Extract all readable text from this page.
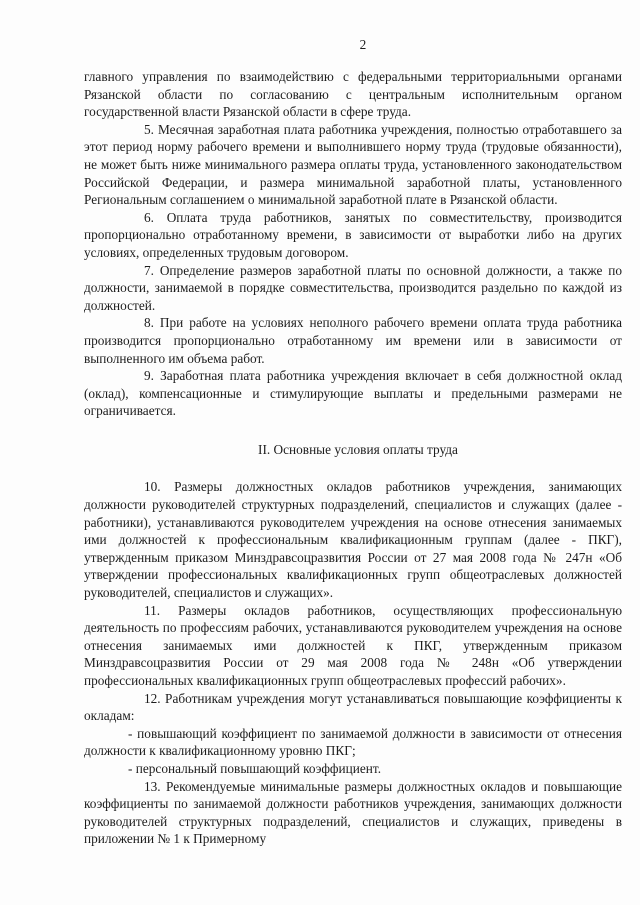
2

главного управления по взаимодействию с федеральными территориальными органами Рязанской области по согласованию с центральным исполнительным органом государственной власти Рязанской области в сфере труда.

5. Месячная заработная плата работника учреждения, полностью отработавшего за этот период норму рабочего времени и выполнившего норму труда (трудовые обязанности), не может быть ниже минимального размера оплаты труда, установленного законодательством Российской Федерации, и размера минимальной заработной платы, установленного Региональным соглашением о минимальной заработной плате в Рязанской области.

6. Оплата труда работников, занятых по совместительству, производится пропорционально отработанному времени, в зависимости от выработки либо на других условиях, определенных трудовым договором.

7. Определение размеров заработной платы по основной должности, а также по должности, занимаемой в порядке совместительства, производится раздельно по каждой из должностей.

8. При работе на условиях неполного рабочего времени оплата труда работника производится пропорционально отработанному им времени или в зависимости от выполненного им объема работ.

9. Заработная плата работника учреждения включает в себя должностной оклад (оклад), компенсационные и стимулирующие выплаты и предельными размерами не ограничивается.

II. Основные условия оплаты труда

10. Размеры должностных окладов работников учреждения, занимающих должности руководителей структурных подразделений, специалистов и служащих (далее - работники), устанавливаются руководителем учреждения на основе отнесения занимаемых ими должностей к профессиональным квалификационным группам (далее - ПКГ), утвержденным приказом Минздравсоцразвития России от 27 мая 2008 года № 247н «Об утверждении профессиональных квалификационных групп общеотраслевых должностей руководителей, специалистов и служащих».

11. Размеры окладов работников, осуществляющих профессиональную деятельность по профессиям рабочих, устанавливаются руководителем учреждения на основе отнесения занимаемых ими должностей к ПКГ, утвержденным приказом Минздравсоцразвития России от 29 мая 2008 года № 248н «Об утверждении профессиональных квалификационных групп общеотраслевых профессий рабочих».

12. Работникам учреждения могут устанавливаться повышающие коэффициенты к окладам:

- повышающий коэффициент по занимаемой должности в зависимости от отнесения должности к квалификационному уровню ПКГ;

- персональный повышающий коэффициент.

13. Рекомендуемые минимальные размеры должностных окладов и повышающие коэффициенты по занимаемой должности работников учреждения, занимающих должности руководителей структурных подразделений, специалистов и служащих, приведены в приложении № 1 к Примерному
